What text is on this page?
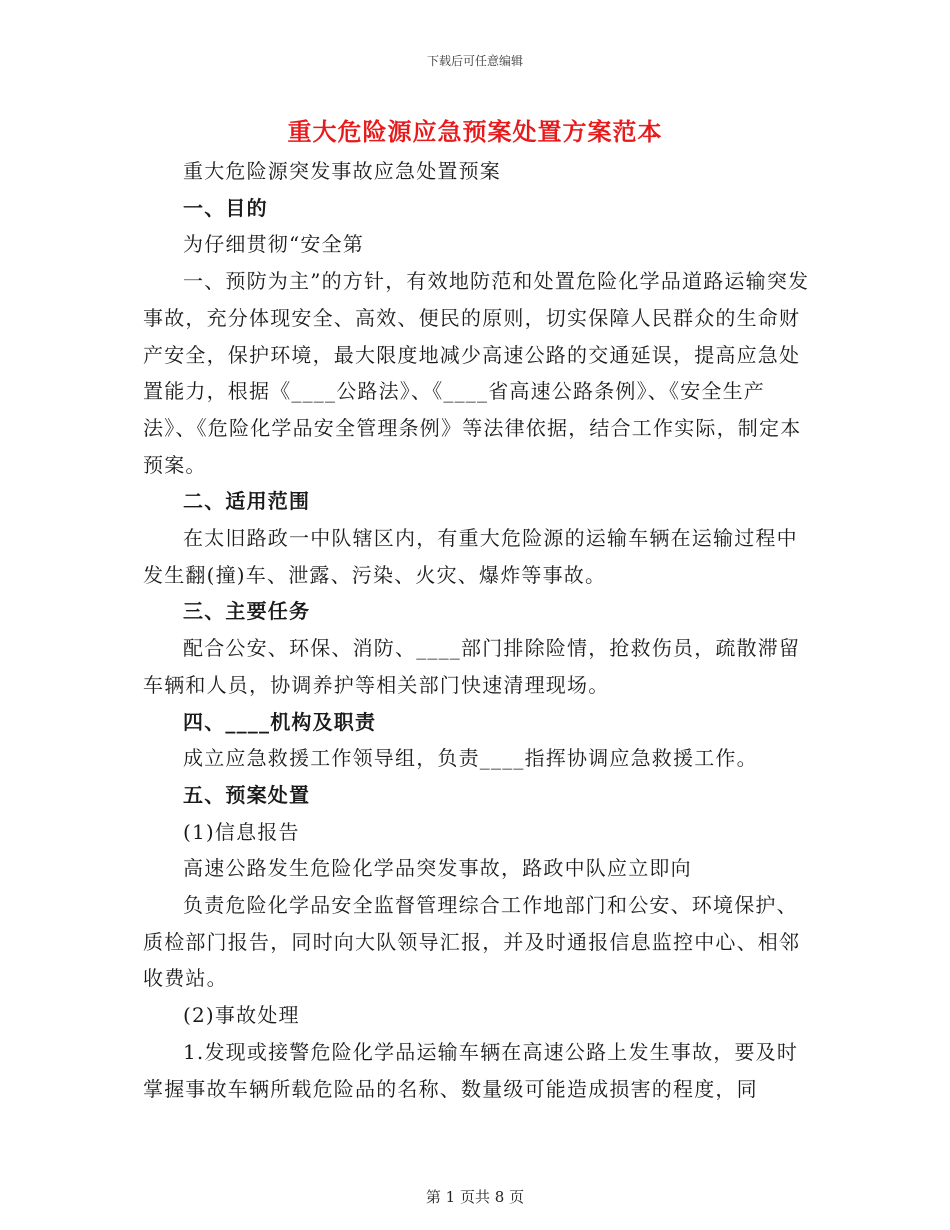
下载后可任意编辑
重大危险源应急预案处置方案范本

重大危险源突发事故应急处置预案

一、目的

为仔细贯彻“安全第

一、预防为主”的方针，有效地防范和处置危险化学品道路运输突发事故，充分体现安全、高效、便民的原则，切实保障人民群众的生命财产安全，保护环境，最大限度地减少高速公路的交通延误，提高应急处置能力，根据《____公路法》、《____省高速公路条例》、《安全生产法》、《危险化学品安全管理条例》等法律依据，结合工作实际，制定本预案。

二、适用范围

在太旧路政一中队辖区内，有重大危险源的运输车辆在运输过程中发生翻(撞)车、泄露、污染、火灾、爆炸等事故。

三、主要任务

配合公安、环保、消防、____部门排除险情，抢救伤员，疏散滞留车辆和人员，协调养护等相关部门快速清理现场。

四、____机构及职责

成立应急救援工作领导组，负责____指挥协调应急救援工作。

五、预案处置

(1)信息报告

高速公路发生危险化学品突发事故，路政中队应立即向

负责危险化学品安全监督管理综合工作地部门和公安、环境保护、质检部门报告，同时向大队领导汇报，并及时通报信息监控中心、相邻收费站。

(2)事故处理

1.发现或接警危险化学品运输车辆在高速公路上发生事故，要及时掌握事故车辆所载危险品的名称、数量级可能造成损害的程度，同

第 1 页共 8 页
